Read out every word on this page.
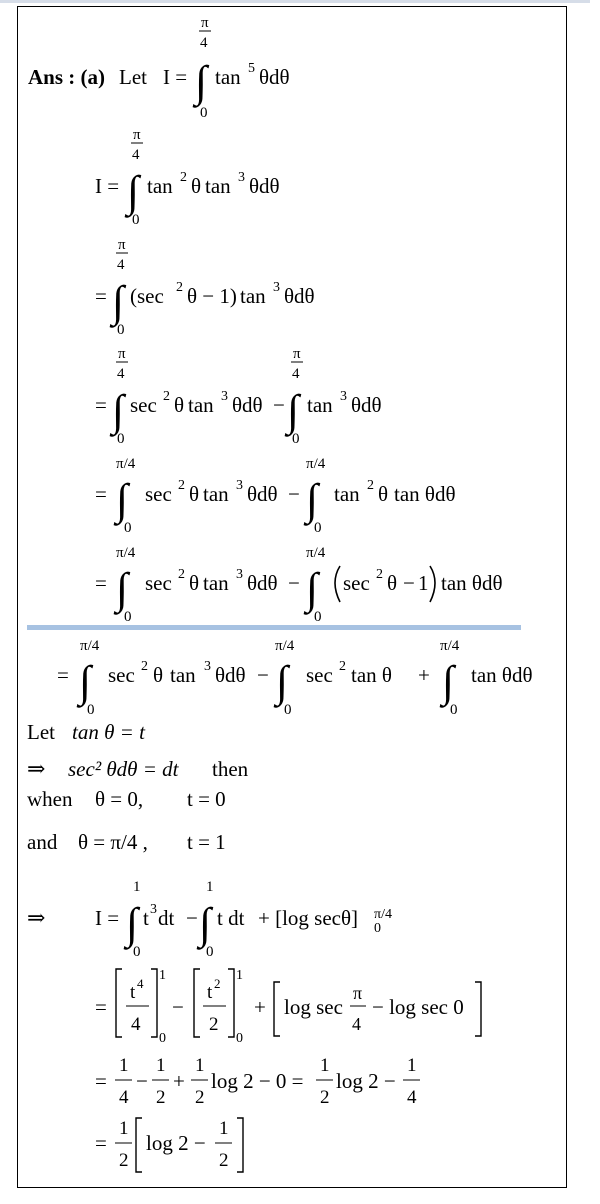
Ans : (a) Let I =
π
4
∫
0
tan 5 θdθ
I =
π
4
∫
0
tan 2 θ tan 3 θdθ
=
π
4
∫
0
(sec 2 θ − 1) tan 3 θdθ
=
π
4
∫
0
sec 2 θ tan 3 θdθ −
π
4
∫
0
tan 3 θdθ
=
π/4
∫
0
sec 2 θ tan 3 θdθ −
π/4
∫
0
tan 2 θ tan θdθ
=
π/4
∫
0
sec 2 θ tan 3 θdθ −
π/4
∫
0
sec 2 θ − 1 tan θdθ
=
π/4
∫
0
sec 2 θ tan 3 θdθ −
π/4
∫
0
sec 2 tan θ +
π/4
∫
0
tan θdθ
Let tan θ = t
⇒ sec² θdθ = dt then
when θ = 0, t = 0
and θ = π/4 , t = 1
⇒ I =
1
∫
0
t 3 dt −
1
∫
0
t dt + [log secθ] π/4
0
=
t 4
4
1
0
−
t 2
2
1
0
+ log sec
π
4
− log sec 0
=
1
4
−
1
2
+
1
2
log 2 − 0 =
1
2
log 2 −
1
4
=
1
2
log 2 −
1
2
